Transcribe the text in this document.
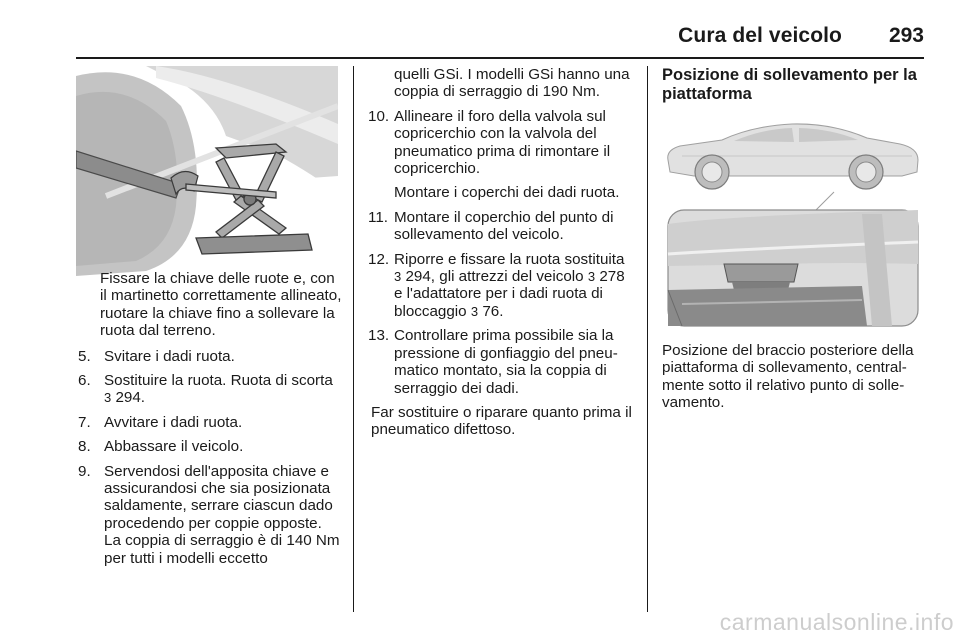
Cura del veicolo 293
Fissare la chiave delle ruote e, con il martinetto correttamente allineato, ruotare la chiave fino a sollevare la ruota dal terreno.
5. Svitare i dadi ruota.
6. Sostituire la ruota. Ruota di scorta 3 294.
7. Avvitare i dadi ruota.
8. Abbassare il veicolo.
9. Servendosi dell'apposita chiave e assicurandosi che sia posizionata saldamente, serrare ciascun dado procedendo per coppie opposte. La coppia di serraggio è di 140 Nm per tutti i modelli eccetto
quelli GSi. I modelli GSi hanno una coppia di serraggio di 190 Nm.
10. Allineare il foro della valvola sul copricerchio con la valvola del pneumatico prima di rimontare il copricerchio.
Montare i coperchi dei dadi ruota.
11. Montare il coperchio del punto di sollevamento del veicolo.
12. Riporre e fissare la ruota sostituita 3 294, gli attrezzi del veicolo 3 278 e l'adattatore per i dadi ruota di bloccaggio 3 76.
13. Controllare prima possibile sia la pressione di gonfiaggio del pneu-matico montato, sia la coppia di serraggio dei dadi.
Far sostituire o riparare quanto prima il pneumatico difettoso.
Posizione di sollevamento per la piattaforma
Posizione del braccio posteriore della piattaforma di sollevamento, central-mente sotto il relativo punto di solle-vamento.
carmanualsonline.info
